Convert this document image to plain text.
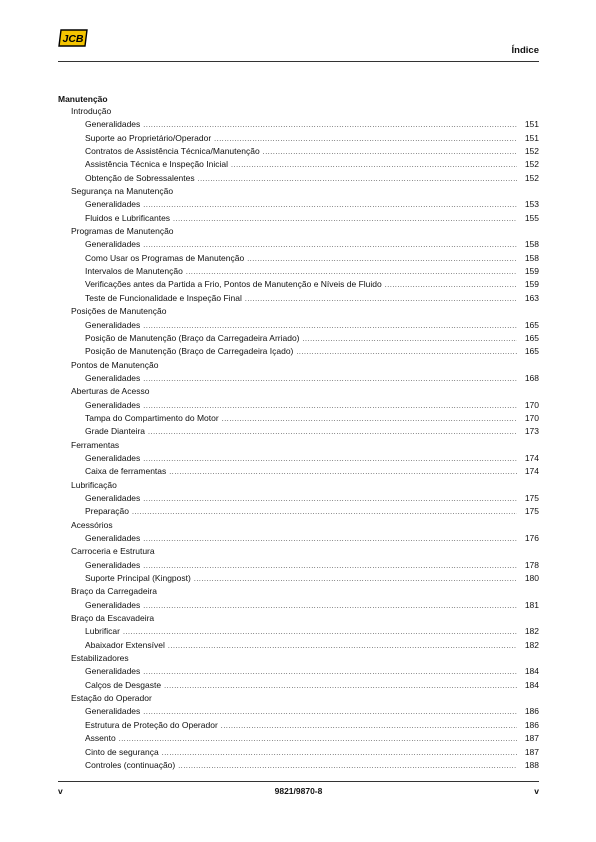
JCB
Índice
Manutenção
Introdução
Generalidades .....	151
Suporte ao Proprietário/Operador .....	151
Contratos de Assistência Técnica/Manutenção .....	152
Assistência Técnica e Inspeção Inicial .....	152
Obtenção de Sobressalentes .....	152
Segurança na Manutenção
Generalidades .....	153
Fluidos e Lubrificantes .....	155
Programas de Manutenção
Generalidades .....	158
Como Usar os Programas de Manutenção .....	158
Intervalos de Manutenção .....	159
Verificações antes da Partida a Frio, Pontos de Manutenção e Níveis de Fluido .....	159
Teste de Funcionalidade e Inspeção Final .....	163
Posições de Manutenção
Generalidades .....	165
Posição de Manutenção (Braço da Carregadeira Arriado) .....	165
Posição de Manutenção (Braço de Carregadeira Içado) .....	165
Pontos de Manutenção
Generalidades .....	168
Aberturas de Acesso
Generalidades .....	170
Tampa do Compartimento do Motor .....	170
Grade Dianteira .....	173
Ferramentas
Generalidades .....	174
Caixa de ferramentas .....	174
Lubrificação
Generalidades .....	175
Preparação .....	175
Acessórios
Generalidades .....	176
Carroceria e Estrutura
Generalidades .....	178
Suporte Principal (Kingpost) .....	180
Braço da Carregadeira
Generalidades .....	181
Braço da Escavadeira
Lubrificar .....	182
Abaixador Extensível .....	182
Estabilizadores
Generalidades .....	184
Calços de Desgaste .....	184
Estação do Operador
Generalidades .....	186
Estrutura de Proteção do Operador .....	186
Assento .....	187
Cinto de segurança .....	187
Controles (continuação) .....	188
v	9821/9870-8	v
